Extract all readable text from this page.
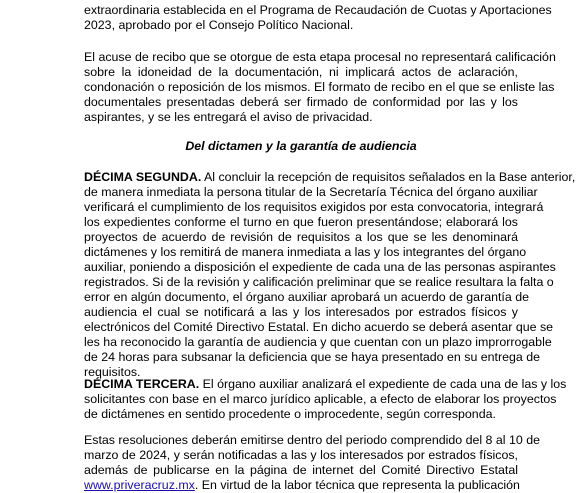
extraordinaria establecida en el Programa de Recaudación de Cuotas y Aportaciones
2023, aprobado por el Consejo Político Nacional.
El acuse de recibo que se otorgue de esta etapa procesal no representará calificación
sobre la idoneidad de la documentación, ni implicará actos de aclaración,
condonación o reposición de los mismos. El formato de recibo en el que se enliste las
documentales presentadas deberá ser firmado de conformidad por las y los
aspirantes, y se les entregará el aviso de privacidad.
Del dictamen y la garantía de audiencia
DÉCIMA SEGUNDA. Al concluir la recepción de requisitos señalados en la Base anterior,
de manera inmediata la persona titular de la Secretaría Técnica del órgano auxiliar
verificará el cumplimiento de los requisitos exigidos por esta convocatoria, integrará
los expedientes conforme el turno en que fueron presentándose; elaborará los
proyectos de acuerdo de revisión de requisitos a los que se les denominará
dictámenes y los remitirá de manera inmediata a las y los integrantes del órgano
auxiliar, poniendo a disposición el expediente de cada una de las personas aspirantes
registrados. Si de la revisión y calificación preliminar que se realice resultara la falta o
error en algún documento, el órgano auxiliar aprobará un acuerdo de garantía de
audiencia el cual se notificará a las y los interesados por estrados físicos y
electrónicos del Comité Directivo Estatal. En dicho acuerdo se deberá asentar que se
les ha reconocido la garantía de audiencia y que cuentan con un plazo improrrogable
de 24 horas para subsanar la deficiencia que se haya presentado en su entrega de
requisitos.
DÉCIMA TERCERA. El órgano auxiliar analizará el expediente de cada una de las y los
solicitantes con base en el marco jurídico aplicable, a efecto de elaborar los proyectos
de dictámenes en sentido procedente o improcedente, según corresponda.
Estas resoluciones deberán emitirse dentro del periodo comprendido del 8 al 10 de
marzo de 2024, y serán notificadas a las y los interesados por estrados físicos,
además de publicarse en la página de internet del Comité Directivo Estatal
www.priveracruz.mx. En virtud de la labor técnica que representa la publicación
